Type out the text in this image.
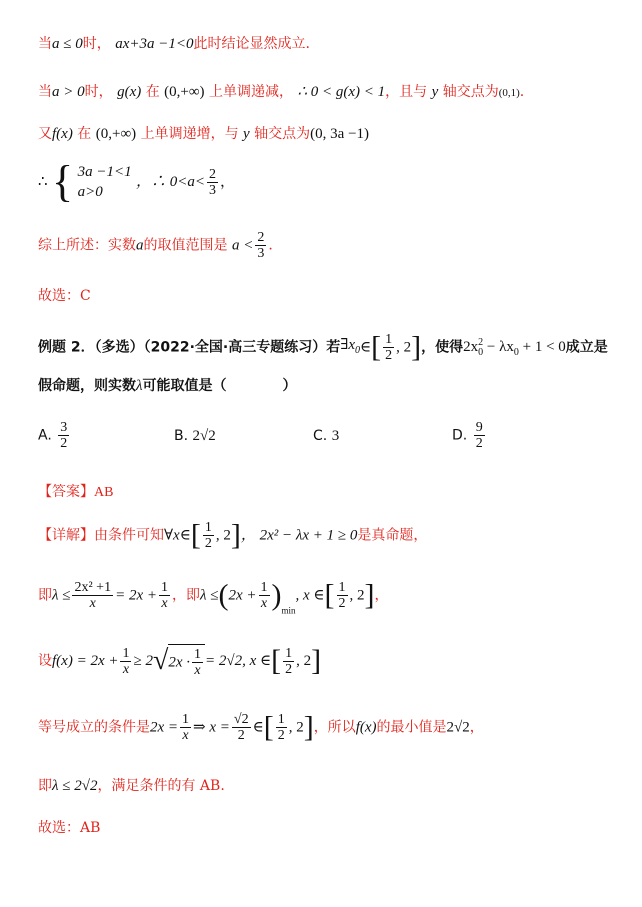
当a ≤ 0时， ax+3a −1<0此时结论显然成立.
当a > 0时， g(x) 在 (0,+∞) 上单调递减， ∴ 0 < g(x) < 1，且与 y 轴交点为(0,1).
又f(x) 在 (0,+∞) 上单调递增，与 y 轴交点为(0, 3a −1)
∴ { 3a −1<1
a>0
，∴ $0<a< \frac{2}{3}$ ，
综上所述：实数a的取值范围是 $a < \frac{2}{3}$ .
故选：C
例题 2．（多选）（2022·全国·高三专题练习）若$\exists x_0\in[ \frac{1}{2}$ , 2]，使得$2x^2_0 - \lambda x_0 + 1 < 0$成立是
假命题，则实数λ可能取值是（　　　　）
A. $\frac{3}{2}$	B. 2√2	C. 3	D. $\frac{9}{2}$
【答案】AB
【详解】由条件可知∀x∈[ $\frac{1}{2}$ , 2]， 2x² − λx + 1 ≥ 0是真命题，
即$\lambda \le \frac{\text{2x² +1}}{x} = 2x + \frac{1}{x}$ ，即$\lambda \le(2x + \frac{1}{x} )_{min}$, x ∈[ $\frac{1}{2}$ , 2]，
设$f(x) = 2x + \frac{1}{x} \ge 2√2x \cdot \frac{1}{x} = 2√2$, x ∈[ $\frac{1}{2}$ , 2]
等号成立的条件是$2x = \frac{1}{x}$ ⇒ $x = \frac{√2}{2}$ ∈[ $\frac{1}{2}$ , 2]，所以f(x)的最小值是2√2，
即λ ≤ 2√2，满足条件的有 AB.
故选：AB
